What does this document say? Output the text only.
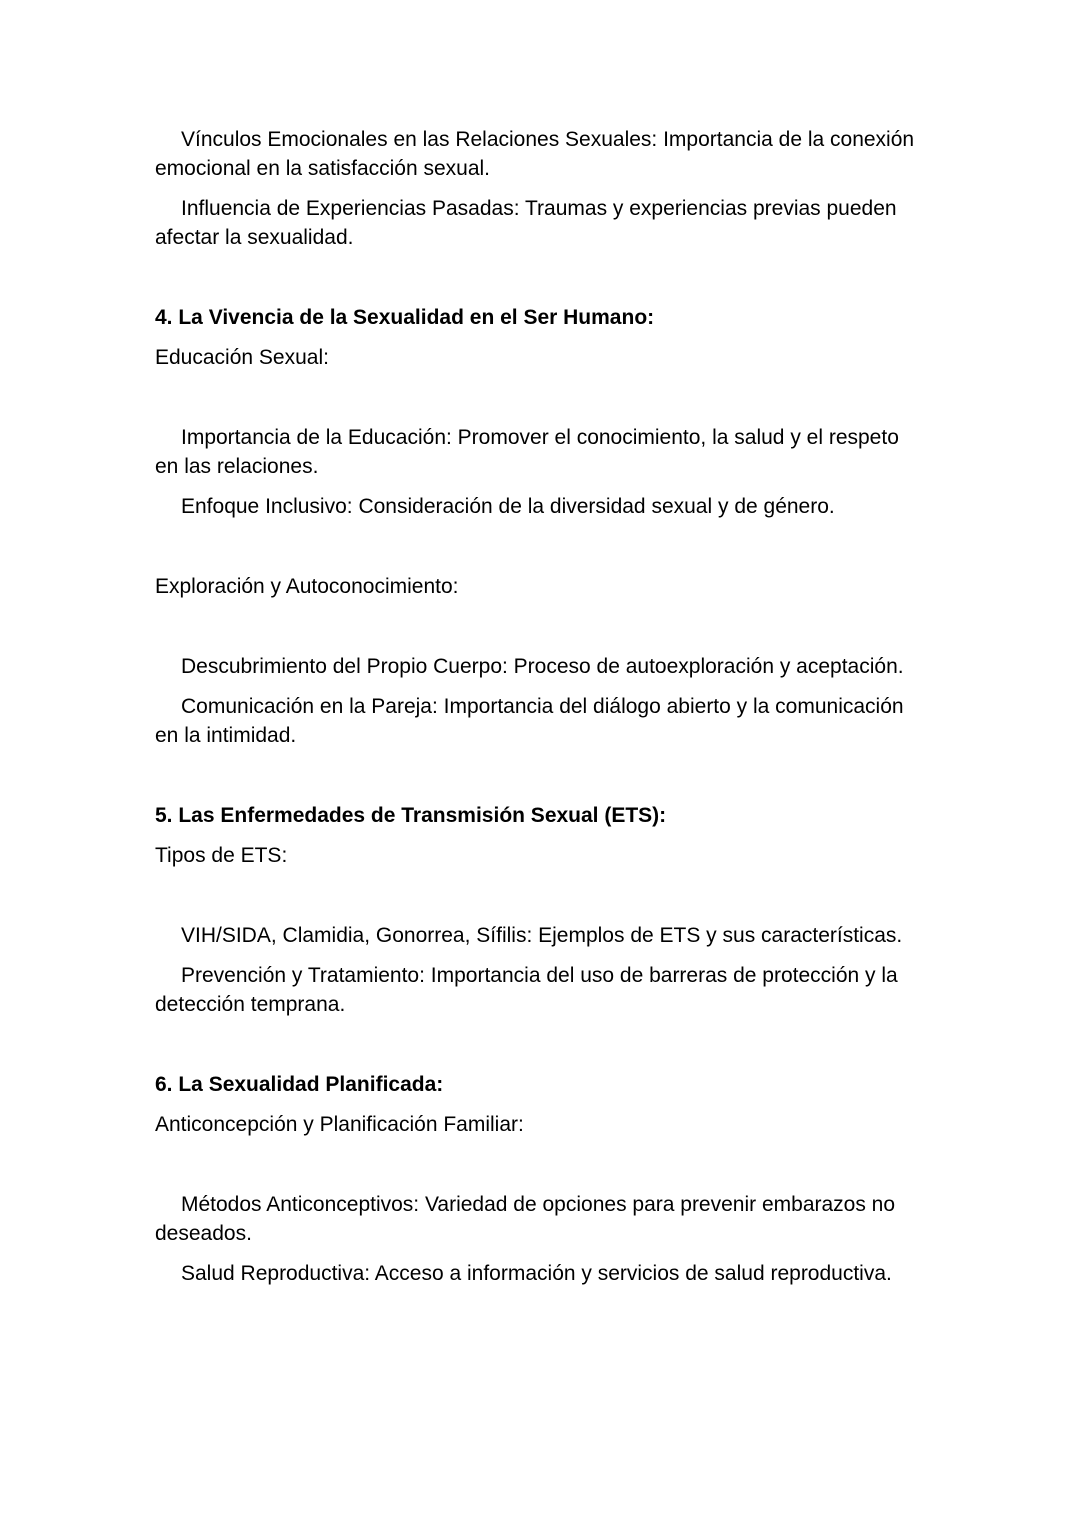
Vínculos Emocionales en las Relaciones Sexuales: Importancia de la conexión emocional en la satisfacción sexual.

Influencia de Experiencias Pasadas: Traumas y experiencias previas pueden afectar la sexualidad.

4. La Vivencia de la Sexualidad en el Ser Humano:

Educación Sexual:

Importancia de la Educación: Promover el conocimiento, la salud y el respeto en las relaciones.

Enfoque Inclusivo: Consideración de la diversidad sexual y de género.

Exploración y Autoconocimiento:

Descubrimiento del Propio Cuerpo: Proceso de autoexploración y aceptación.

Comunicación en la Pareja: Importancia del diálogo abierto y la comunicación en la intimidad.

5. Las Enfermedades de Transmisión Sexual (ETS):

Tipos de ETS:

VIH/SIDA, Clamidia, Gonorrea, Sífilis: Ejemplos de ETS y sus características.

Prevención y Tratamiento: Importancia del uso de barreras de protección y la detección temprana.

6. La Sexualidad Planificada:

Anticoncepción y Planificación Familiar:

Métodos Anticonceptivos: Variedad de opciones para prevenir embarazos no deseados.

Salud Reproductiva: Acceso a información y servicios de salud reproductiva.
